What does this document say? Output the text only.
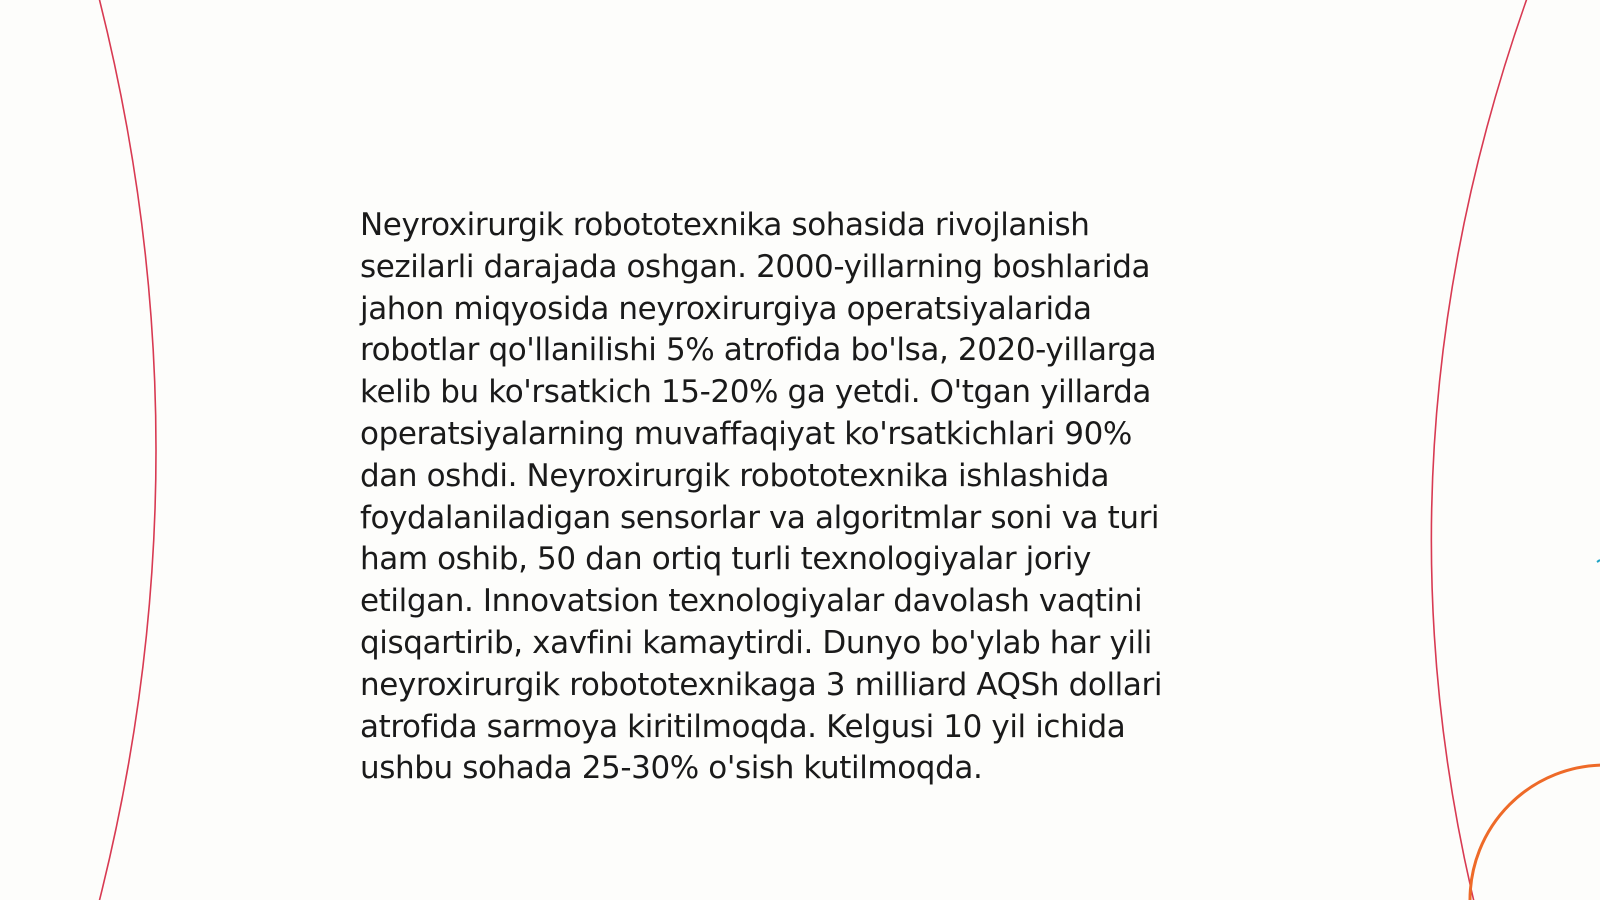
Neyroxirurgik robototexnika sohasida rivojlanish
sezilarli darajada oshgan. 2000-yillarning boshlarida
jahon miqyosida neyroxirurgiya operatsiyalarida
robotlar qo'llanilishi 5% atrofida bo'lsa, 2020-yillarga
kelib bu ko'rsatkich 15-20% ga yetdi. O'tgan yillarda
operatsiyalarning muvaffaqiyat ko'rsatkichlari 90%
dan oshdi. Neyroxirurgik robototexnika ishlashida
foydalaniladigan sensorlar va algoritmlar soni va turi
ham oshib, 50 dan ortiq turli texnologiyalar joriy
etilgan. Innovatsion texnologiyalar davolash vaqtini
qisqartirib, xavfini kamaytirdi. Dunyo bo'ylab har yili
neyroxirurgik robototexnikaga 3 milliard AQSh dollari
atrofida sarmoya kiritilmoqda. Kelgusi 10 yil ichida
ushbu sohada 25-30% o'sish kutilmoqda.
